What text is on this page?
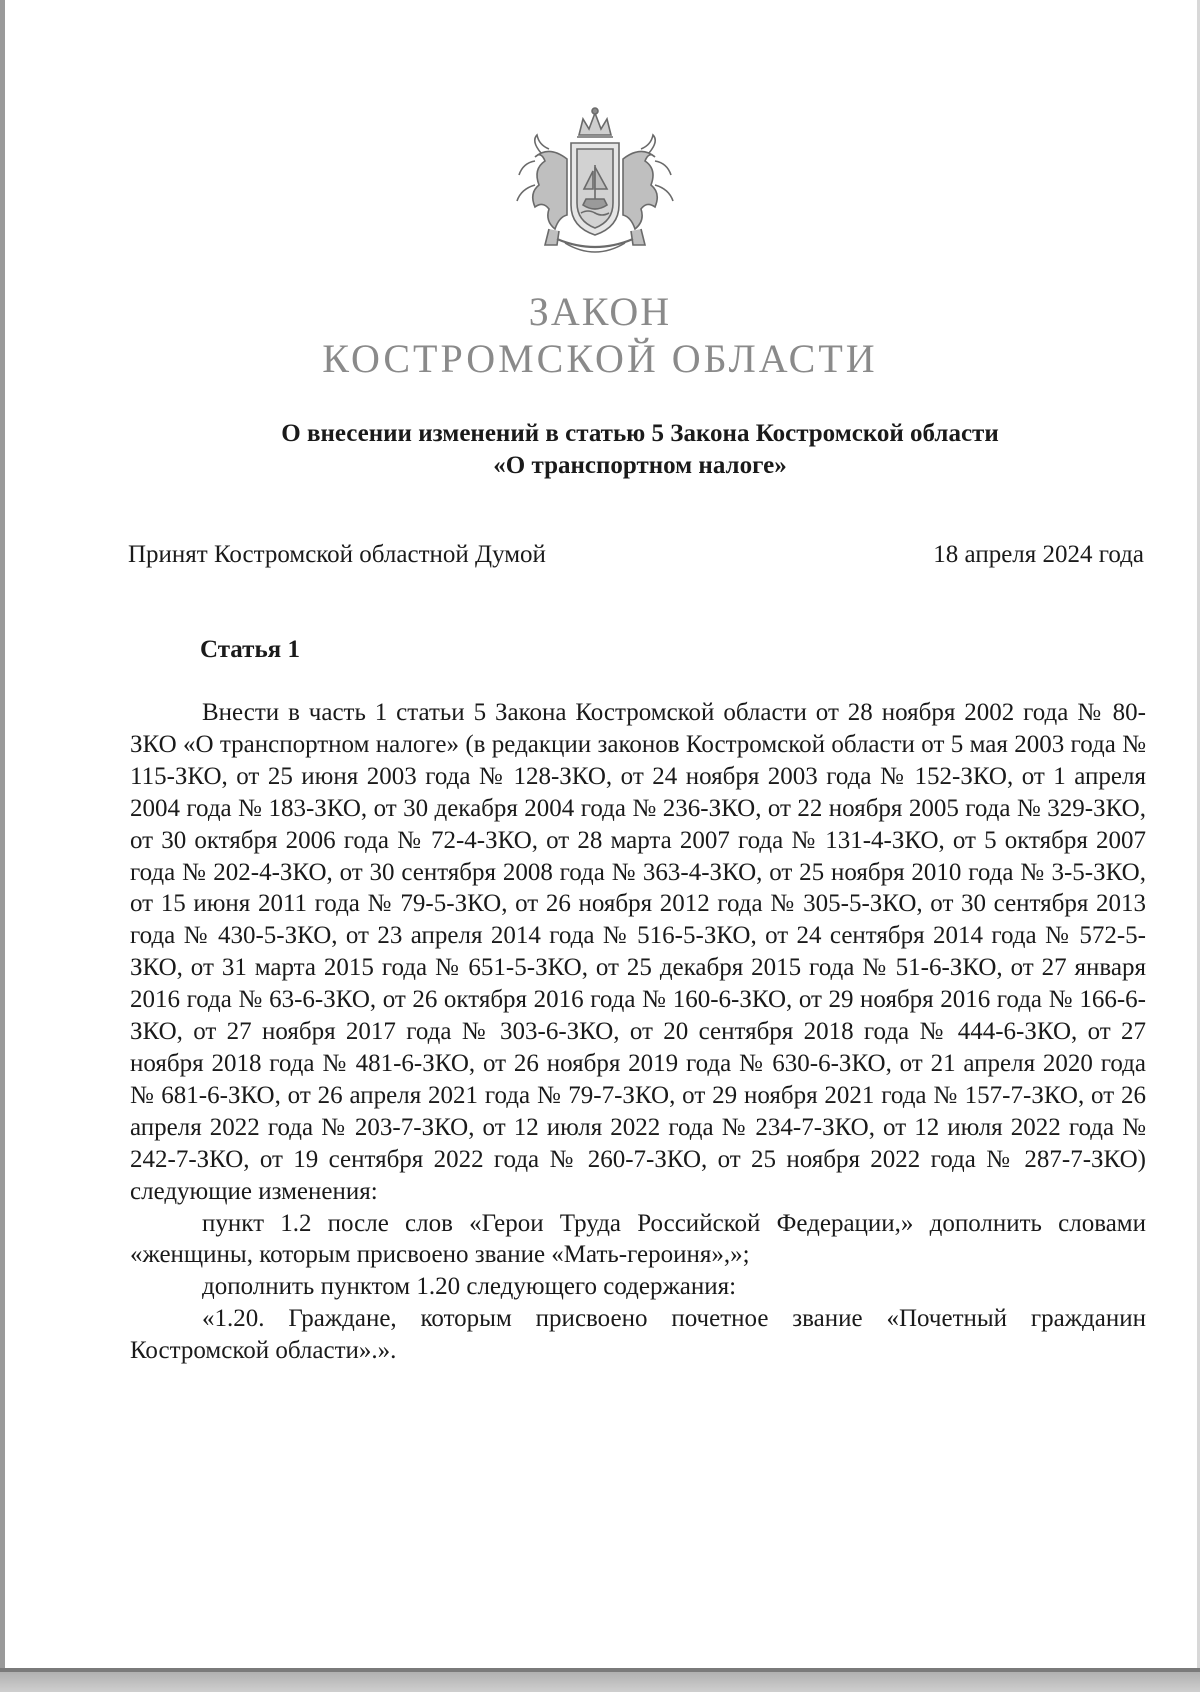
ЗАКОН
КОСТРОМСКОЙ ОБЛАСТИ
О внесении изменений в статью 5 Закона Костромской области
«О транспортном налоге»
Принят Костромской областной Думой	18 апреля 2024 года
Статья 1

Внести в часть 1 статьи 5 Закона Костромской области от 28 ноября 2002 года № 80-ЗКО «О транспортном налоге» (в редакции законов Костромской области от 5 мая 2003 года № 115-ЗКО, от 25 июня 2003 года № 128-ЗКО, от 24 ноября 2003 года № 152-ЗКО, от 1 апреля 2004 года № 183-ЗКО, от 30 декабря 2004 года № 236-ЗКО, от 22 ноября 2005 года № 329-ЗКО, от 30 октября 2006 года № 72-4-ЗКО, от 28 марта 2007 года № 131-4-ЗКО, от 5 октября 2007 года № 202-4-ЗКО, от 30 сентября 2008 года № 363-4-ЗКО, от 25 ноября 2010 года № 3-5-ЗКО, от 15 июня 2011 года № 79-5-ЗКО, от 26 ноября 2012 года № 305-5-ЗКО, от 30 сентября 2013 года № 430-5-ЗКО, от 23 апреля 2014 года № 516-5-ЗКО, от 24 сентября 2014 года № 572-5-ЗКО, от 31 марта 2015 года № 651-5-ЗКО, от 25 декабря 2015 года № 51-6-ЗКО, от 27 января 2016 года № 63-6-ЗКО, от 26 октября 2016 года № 160-6-ЗКО, от 29 ноября 2016 года № 166-6-ЗКО, от 27 ноября 2017 года № 303-6-ЗКО, от 20 сентября 2018 года № 444-6-ЗКО, от 27 ноября 2018 года № 481-6-ЗКО, от 26 ноября 2019 года № 630-6-ЗКО, от 21 апреля 2020 года № 681-6-ЗКО, от 26 апреля 2021 года № 79-7-ЗКО, от 29 ноября 2021 года № 157-7-ЗКО, от 26 апреля 2022 года № 203-7-ЗКО, от 12 июля 2022 года № 234-7-ЗКО, от 12 июля 2022 года № 242-7-ЗКО, от 19 сентября 2022 года № 260-7-ЗКО, от 25 ноября 2022 года № 287-7-ЗКО) следующие изменения:

пункт 1.2 после слов «Герои Труда Российской Федерации,» дополнить словами «женщины, которым присвоено звание «Мать-героиня»,»;

дополнить пунктом 1.20 следующего содержания:

«1.20. Граждане, которым присвоено почетное звание «Почетный гражданин Костромской области».».
